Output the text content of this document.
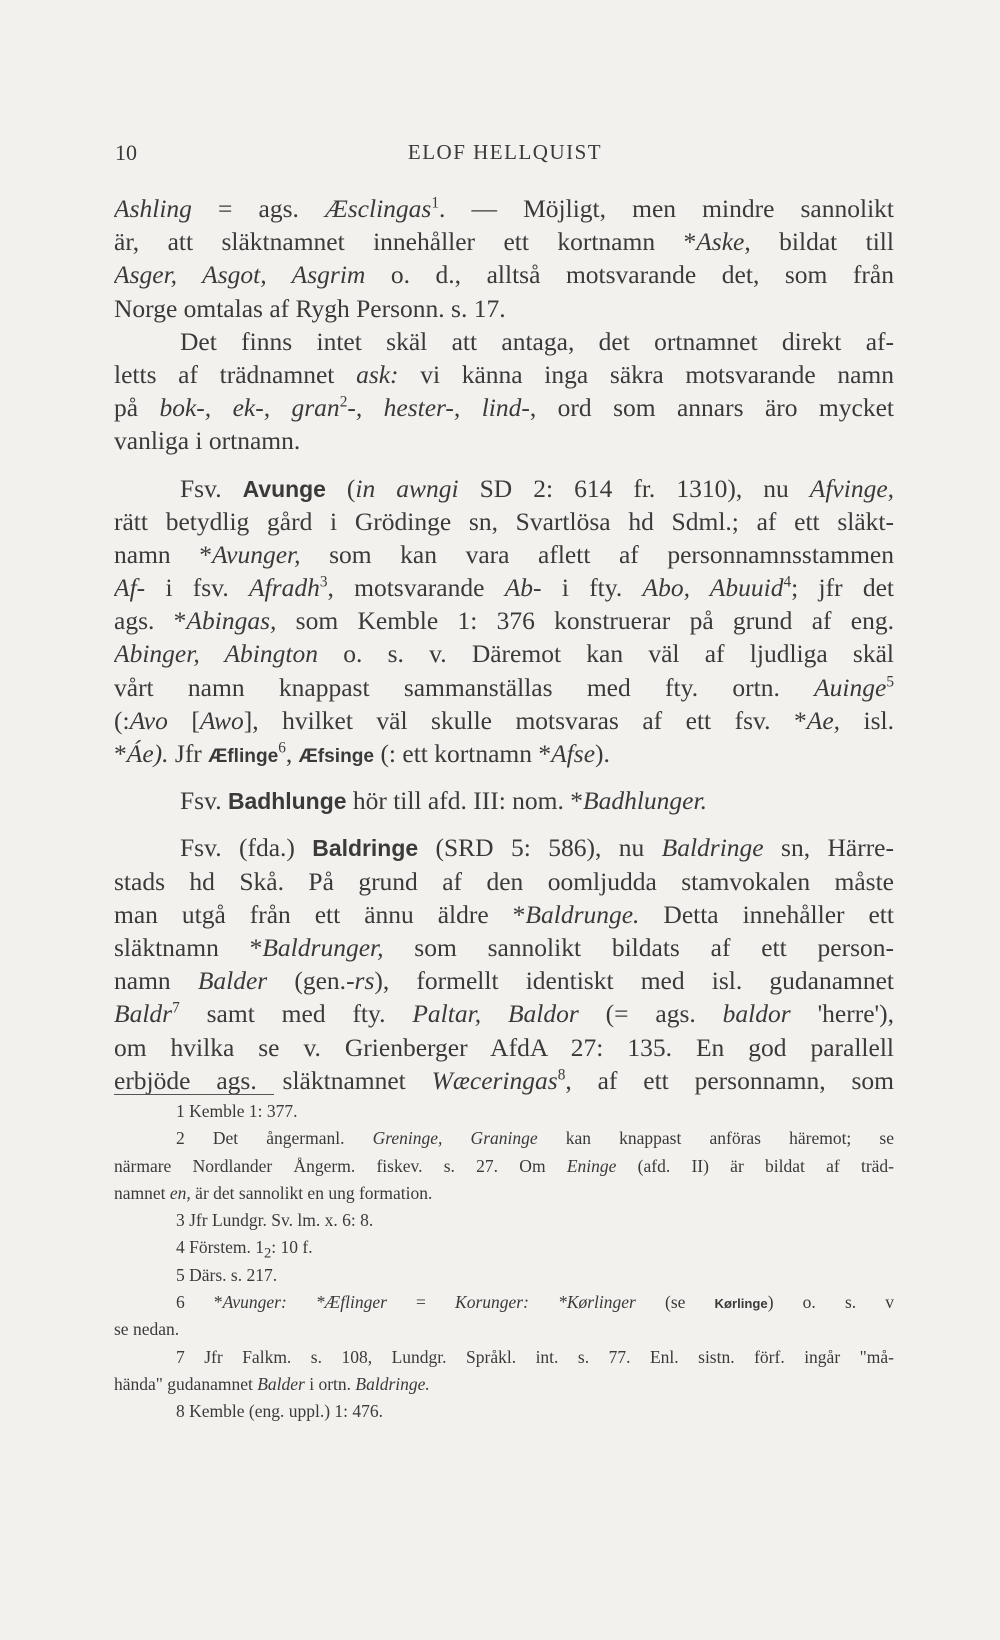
10	ELOF HELLQUIST
Ashling = ags. Æsclingas$^1$. — Möjligt, men mindre sannolikt
är, att släktnamnet innehåller ett kortnamn *Aske, bildat till
Asger, Asgot, Asgrim o. d., alltså motsvarande det, som från
Norge omtalas af Rygh Personn. s. 17.
Det finns intet skäl att antaga, det ortnamnet direkt af-
letts af trädnamnet ask: vi känna inga säkra motsvarande namn
på bok-, ek-, gran$^2$-, hester-, lind-, ord som annars äro mycket
vanliga i ortnamn.
Fsv. Avunge (in awngi SD 2: 614 fr. 1310), nu Afvinge,
rätt betydlig gård i Grödinge sn, Svartlösa hd Sdml.; af ett släkt-
namn *Avunger, som kan vara aflett af personnamnsstammen
Af- i fsv. Afradh$^3$, motsvarande Ab- i fty. Abo, Abuuid$^4$; jfr det
ags. *Abingas, som Kemble 1: 376 konstruerar på grund af eng.
Abinger, Abington o. s. v. Däremot kan väl af ljudliga skäl
vårt namn knappast sammanställas med fty. ortn. Auinge$^5$
(:Avo [Awo], hvilket väl skulle motsvaras af ett fsv. *Ae, isl.
*Áe). Jfr Æflinge$^6$, Æfsinge (: ett kortnamn *Afse).
Fsv. Badhlunge hör till afd. III: nom. *Badhlunger.
Fsv. (fda.) Baldringe (SRD 5: 586), nu Baldringe sn, Härre-
stads hd Skå. På grund af den oomljudda stamvokalen måste
man utgå från ett ännu äldre *Baldrunge. Detta innehåller ett
släktnamn *Baldrunger, som sannolikt bildats af ett person-
namn Balder (gen.-rs), formellt identiskt med isl. gudanamnet
Baldr$^7$ samt med fty. Paltar, Baldor (= ags. baldor 'herre'),
om hvilka se v. Grienberger AfdA 27: 135. En god parallell
erbjöde ags. släktnamnet Wæceringas$^8$, af ett personnamn, som
1 Kemble 1: 377.
2 Det ångermanl. Greninge, Graninge kan knappast anföras häremot; se
närmare Nordlander Ångerm. fiskev. s. 27. Om Eninge (afd. II) är bildat af träd-
namnet en, är det sannolikt en ung formation.
3 Jfr Lundgr. Sv. lm. x. 6: 8.
4 Förstem. $1_2$: 10 f.
5 Därs. s. 217.
6 *Avunger: *Æflinger = Korunger: *Kørlinger (se Kørlinge) o. s. v
se nedan.
7 Jfr Falkm. s. 108, Lundgr. Språkl. int. s. 77. Enl. sistn. förf. ingår "må-
hända" gudanamnet Balder i ortn. Baldringe.
8 Kemble (eng. uppl.) 1: 476.
